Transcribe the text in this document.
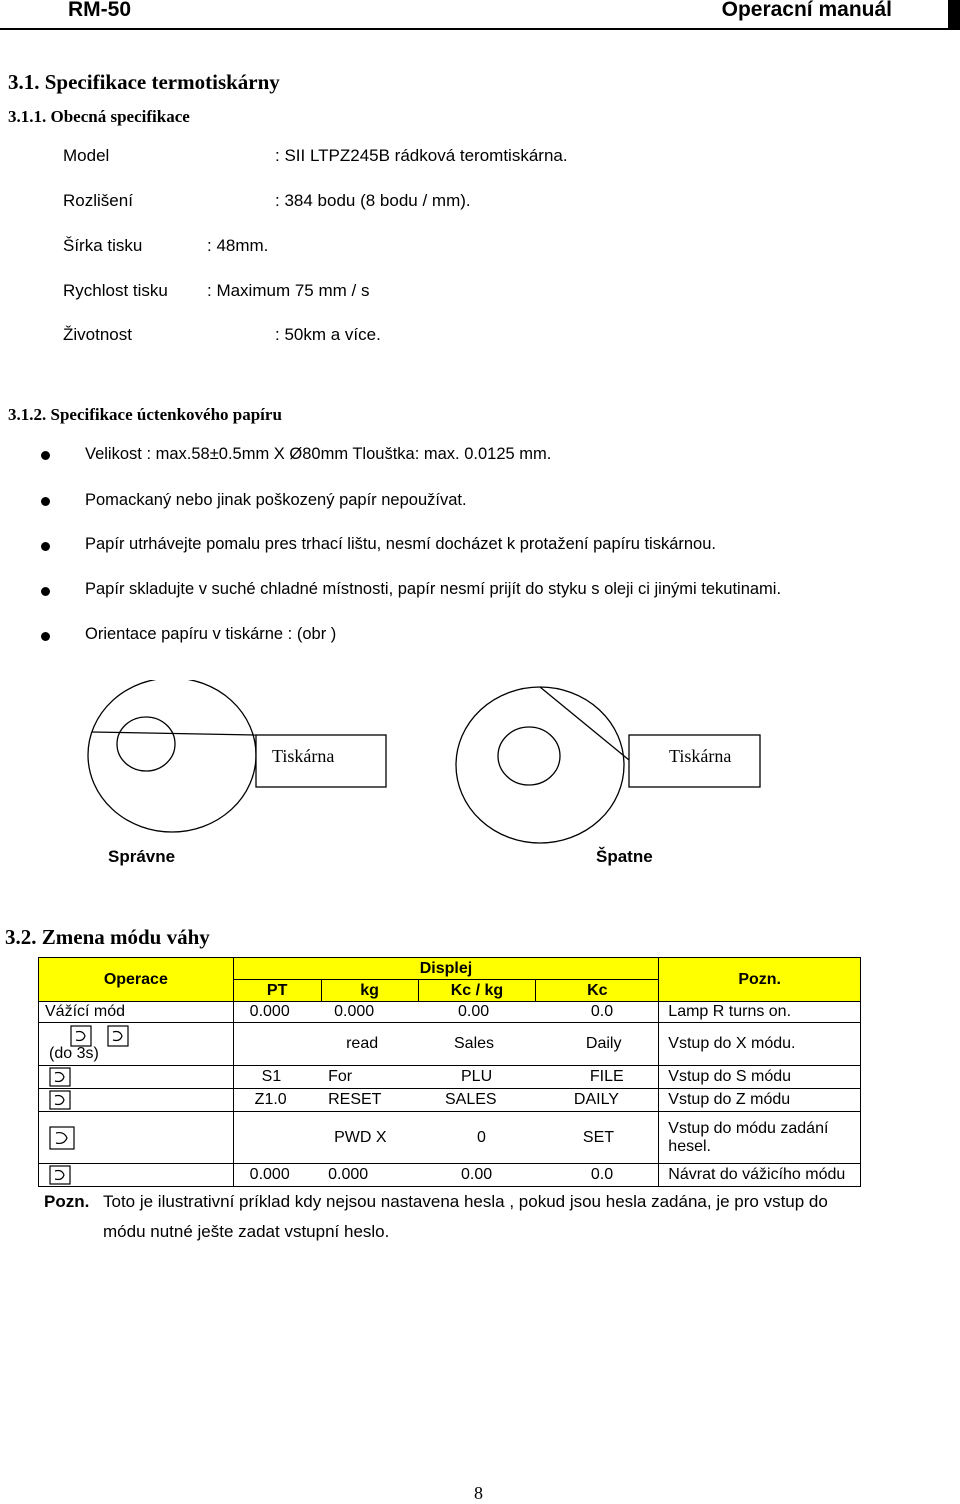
RM-50	Operacní manuál
3.1. Specifikace termotiskárny
3.1.1. Obecná specifikace
Model	: SII LTPZ245B rádková teromtiskárna.
Rozlišení	: 384 bodu (8 bodu / mm).
Šírka tisku	: 48mm.
Rychlost tisku : Maximum 75 mm / s
Životnost	: 50km a více.
3.1.2. Specifikace úctenkového papíru
Velikost : max.58±0.5mm X Ø80mm Tlouštka: max. 0.0125 mm.
Pomackaný nebo jinak poškozený papír nepoužívat.
Papír utrhávejte pomalu pres trhací lištu, nesmí docházet k protažení papíru tiskárnou.
Papír skladujte v suché chladné místnosti, papír nesmí prijít do styku s oleji ci jinými tekutinami.
Orientace papíru v tiskárne : (obr )
Tiskárna	Tiskárna
Správne	Špatne
3.2. Zmena módu váhy
Operace	Displej				Pozn.
	PT	kg	Kc / kg	Kc	
Vážící mód	0.000	0.000	0.00	0.0	Lamp R turns on.

(do 3s)		read	Sales	Daily	Vstup do X módu.
	S1	For	PLU	FILE	Vstup do S módu
	Z1.0	RESET	SALES	DAILY	Vstup do Z módu
		PWD X	0	SET	Vstup do módu zadání hesel.
	0.000	0.000	0.00	0.0	Návrat do vážicího módu
Pozn. Toto je ilustrativní príklad kdy nejsou nastavena hesla , pokud jsou hesla zadána, je pro vstup do
módu nutné ješte zadat vstupní heslo.
8
